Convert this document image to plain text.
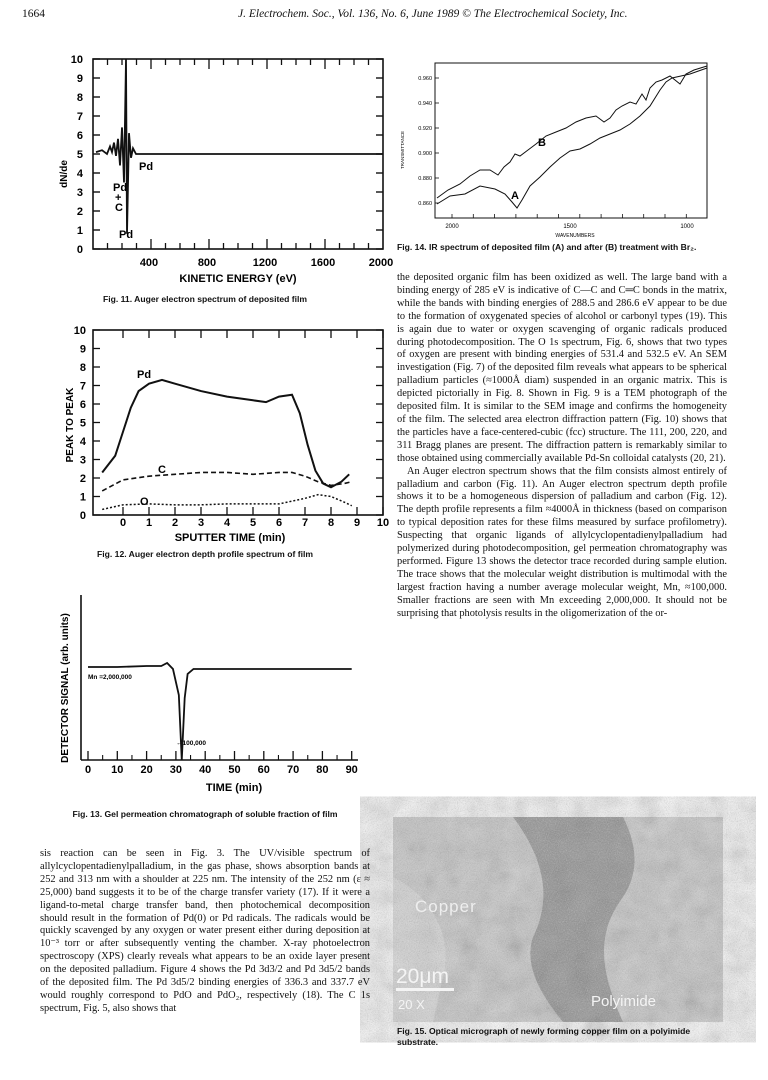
1664	J. Electrochem. Soc., Vol. 136, No. 6, June 1989 © The Electrochemical Society, Inc.
0
1
2
3
4
5
6
7
8
9
10
400	800	1200	1600	2000
dN/de
KINETIC ENERGY (eV)
Pd
Pd
+
C
Pd
Fig. 11. Auger electron spectrum of deposited film
0
1
2
3
4
5
6
7
8
9
10
0 1 2 3 4 5 6 7 8 9 10
PEAK TO PEAK
SPUTTER TIME (min)
Pd
C
O
Fig. 12. Auger electron depth profile spectrum of film
0 10 20 30 40 50 60 70 80 90
DETECTOR SIGNAL (arb. units)
TIME (min)
Mn =2,000,000
←100,000
Fig. 13. Gel permeation chromatograph of soluble fraction of film
0.960
0.940
0.920
0.900
0.880
0.860
2000	1500	1000
TRANSMITTANCE
WAVENUMBERS
B
A
Fig. 14. IR spectrum of deposited film (A) and after (B) treatment with Br₂.

the deposited organic film has been oxidized as well. The large band with a binding energy of 285 eV is indicative of C—C and C═C bonds in the matrix, while the bands with binding energies of 288.5 and 286.6 eV appear to be due to the formation of oxygenated species of alcohol or carbonyl types (19). This is again due to water or oxygen scavenging of organic radicals produced during photodecomposition. The O 1s spectrum, Fig. 6, shows that two types of oxygen are present with binding energies of 531.4 and 532.5 eV. An SEM investigation (Fig. 7) of the deposited film reveals what appears to be spherical palladium particles (≈1000Å diam) suspended in an organic matrix. This is depicted pictorially in Fig. 8. Shown in Fig. 9 is a TEM photograph of the deposited film. It is similar to the SEM image and confirms the homogeneity of the film. The selected area electron diffraction pattern (Fig. 10) shows that the particles have a face-centered-cubic (fcc) structure. The 111, 200, 220, and 311 Bragg planes are present. The diffraction pattern is remarkably similar to those obtained using commercially available Pd-Sn colloidal catalysts (20, 21).

An Auger electron spectrum shows that the film consists almost entirely of palladium and carbon (Fig. 11). An Auger electron spectrum depth profile shows it to be a homogeneous dispersion of palladium and carbon (Fig. 12). The depth profile represents a film ≈4000Å in thickness (based on comparison to typical deposition rates for these films measured by surface profilometry). Suspecting that organic ligands of allylcyclopentadienylpalladium had polymerized during photodecomposition, gel permeation chromatography was performed. Figure 13 shows the detector trace recorded during sample elution. The trace shows that the molecular weight distribution is multimodal with the largest fraction having a number average molecular weight, Mn, ≈100,000. Smaller fractions are seen with Mn exceeding 2,000,000. It should not be surprising that photolysis results in the oligomerization of the or-

Copper
20μm
20 X	Polyimide
Fig. 15. Optical micrograph of newly forming copper film on a polyimide substrate.

sis reaction can be seen in Fig. 3. The UV/visible spectrum of allylcyclopentadienylpalladium, in the gas phase, shows absorption bands at 252 and 313 nm with a shoulder at 225 nm. The intensity of the 252 nm (ε ≈ 25,000) band suggests it to be of the charge transfer variety (17). If it were a ligand-to-metal charge transfer band, then photochemical decomposition should result in the formation of Pd(0) or Pd radicals. The radicals would be quickly scavenged by any oxygen or water present either during deposition at 10⁻³ torr or after subsequently venting the chamber. X-ray photoelectron spectroscopy (XPS) clearly reveals what appears to be an oxide layer present on the deposited palladium. Figure 4 shows the Pd 3d3/2 and Pd 3d5/2 bands of the deposited film. The Pd 3d5/2 binding energies of 336.3 and 337.7 eV would roughly correspond to PdO and PdO₂, respectively (18). The C 1s spectrum, Fig. 5, also shows that
